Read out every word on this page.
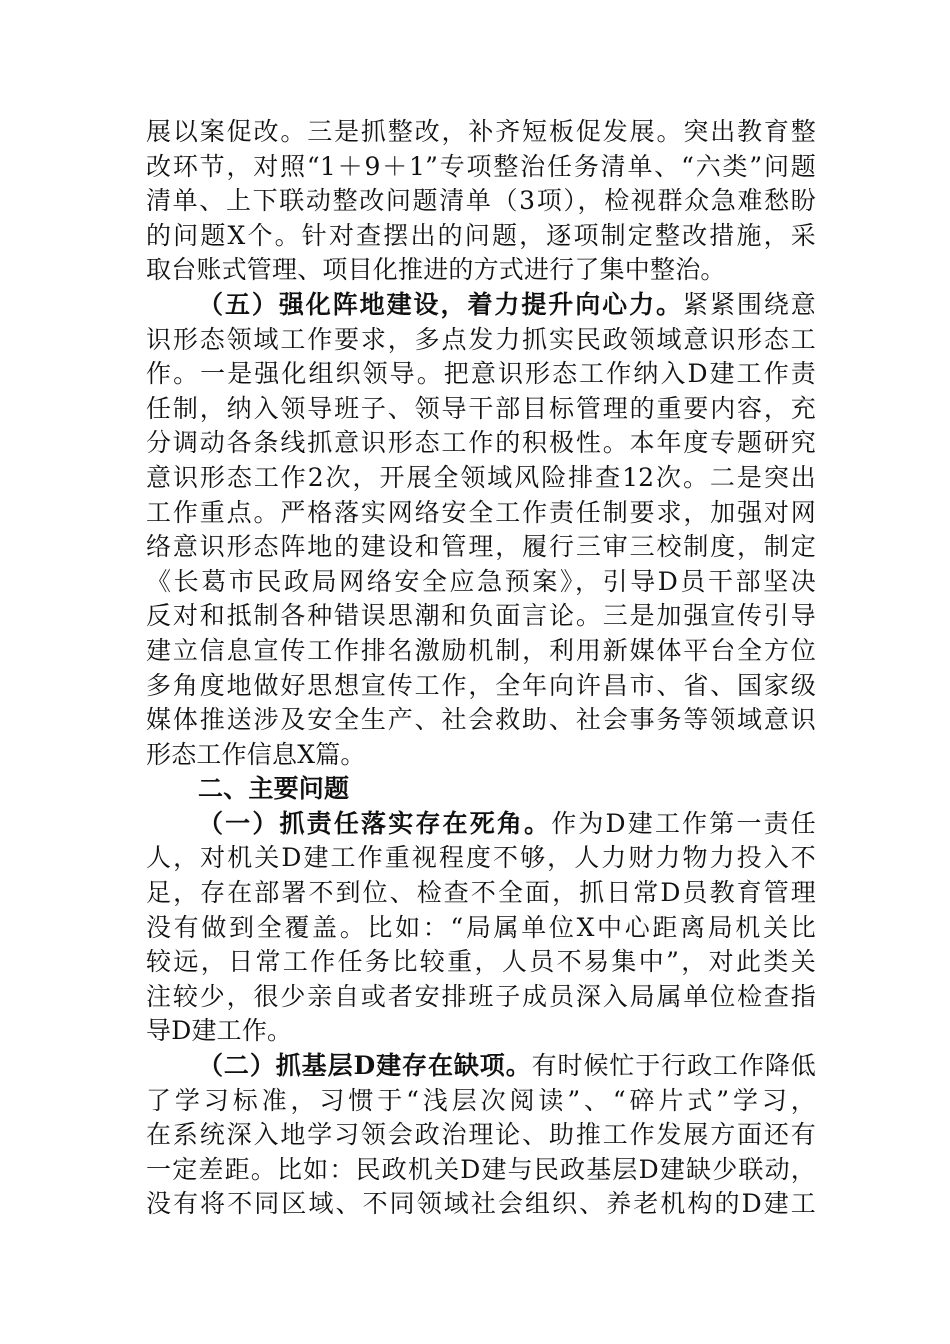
展以案促改。三是抓整改，补齐短板促发展。突出教育整
改环节，对照“1＋9＋1”专项整治任务清单、“六类”问题
清单、上下联动整改问题清单（3项），检视群众急难愁盼
的问题X个。针对查摆出的问题，逐项制定整改措施，采
取台账式管理、项目化推进的方式进行了集中整治。
（五）强化阵地建设，着力提升向心力。紧紧围绕意
识形态领域工作要求，多点发力抓实民政领域意识形态工
作。一是强化组织领导。把意识形态工作纳入D建工作责
任制，纳入领导班子、领导干部目标管理的重要内容，充
分调动各条线抓意识形态工作的积极性。本年度专题研究
意识形态工作2次，开展全领域风险排查12次。二是突出
工作重点。严格落实网络安全工作责任制要求，加强对网
络意识形态阵地的建设和管理，履行三审三校制度，制定
《长葛市民政局网络安全应急预案》，引导D员干部坚决
反对和抵制各种错误思潮和负面言论。三是加强宣传引导
建立信息宣传工作排名激励机制，利用新媒体平台全方位
多角度地做好思想宣传工作，全年向许昌市、省、国家级
媒体推送涉及安全生产、社会救助、社会事务等领域意识
形态工作信息X篇。
二、主要问题
（一）抓责任落实存在死角。作为D建工作第一责任
人，对机关D建工作重视程度不够，人力财力物力投入不
足，存在部署不到位、检查不全面，抓日常D员教育管理
没有做到全覆盖。比如：“局属单位X中心距离局机关比
较远，日常工作任务比较重，人员不易集中”，对此类关
注较少，很少亲自或者安排班子成员深入局属单位检查指
导D建工作。
（二）抓基层D建存在缺项。有时候忙于行政工作降低
了学习标准，习惯于“浅层次阅读”、“碎片式”学习，
在系统深入地学习领会政治理论、助推工作发展方面还有
一定差距。比如：民政机关D建与民政基层D建缺少联动，
没有将不同区域、不同领域社会组织、养老机构的D建工
